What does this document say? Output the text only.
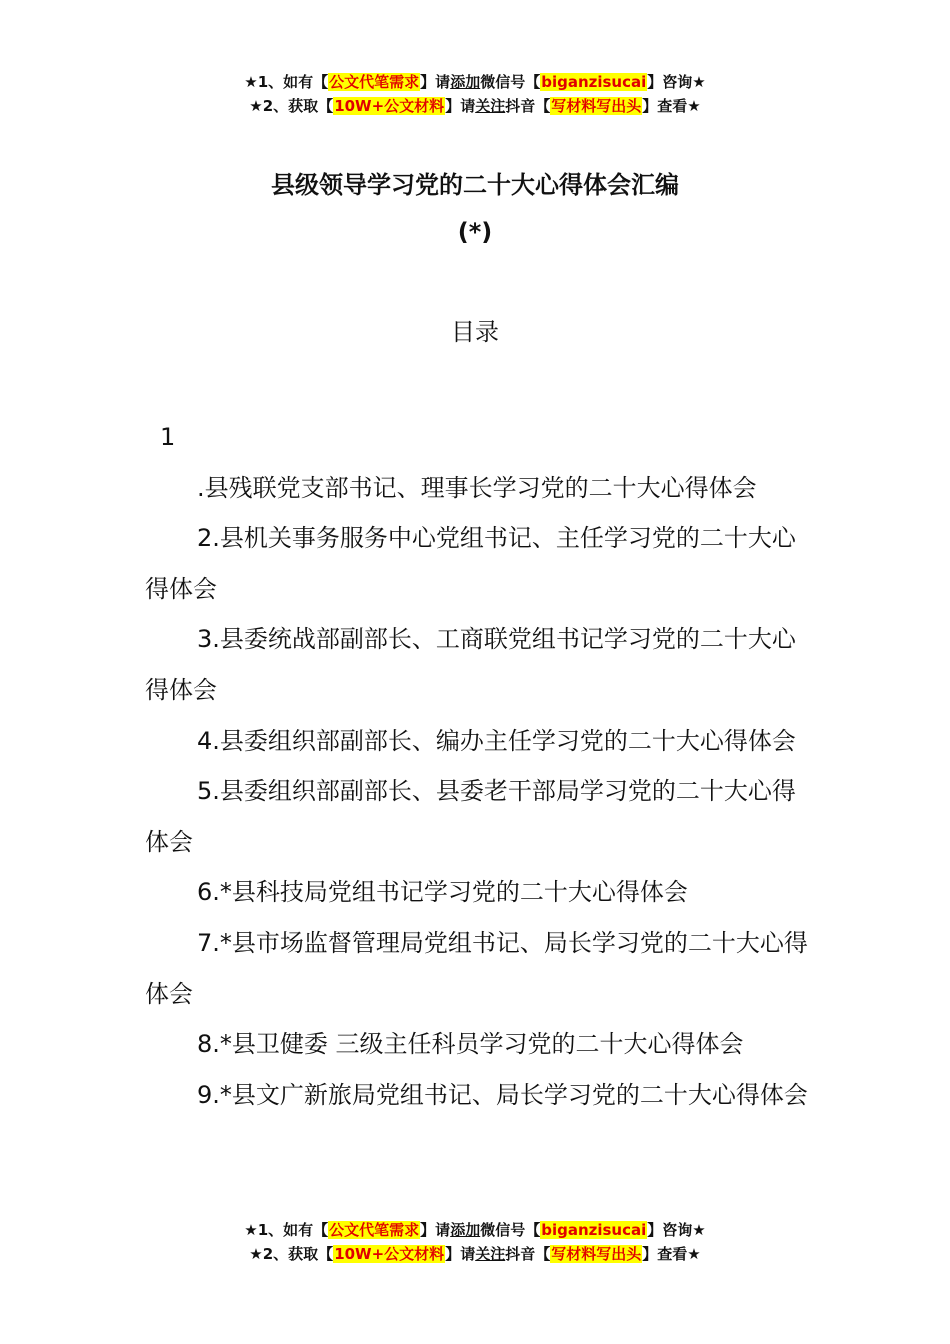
★1、如有【公文代笔需求】请添加微信号【biganzisucai】咨询★
★2、获取【10W+公文材料】请关注抖音【写材料写出头】查看★
县级领导学习党的二十大心得体会汇编
(*)
目录
1
.县残联党支部书记、理事长学习党的二十大心得体会
2.县机关事务服务中心党组书记、主任学习党的二十大心得体会
3.县委统战部副部长、工商联党组书记学习党的二十大心得体会
4.县委组织部副部长、编办主任学习党的二十大心得体会
5.县委组织部副部长、县委老干部局学习党的二十大心得体会
6.*县科技局党组书记学习党的二十大心得体会
7.*县市场监督管理局党组书记、局长学习党的二十大心得体会
8.*县卫健委 三级主任科员学习党的二十大心得体会
9.*县文广新旅局党组书记、局长学习党的二十大心得体会
★1、如有【公文代笔需求】请添加微信号【biganzisucai】咨询★
★2、获取【10W+公文材料】请关注抖音【写材料写出头】查看★
